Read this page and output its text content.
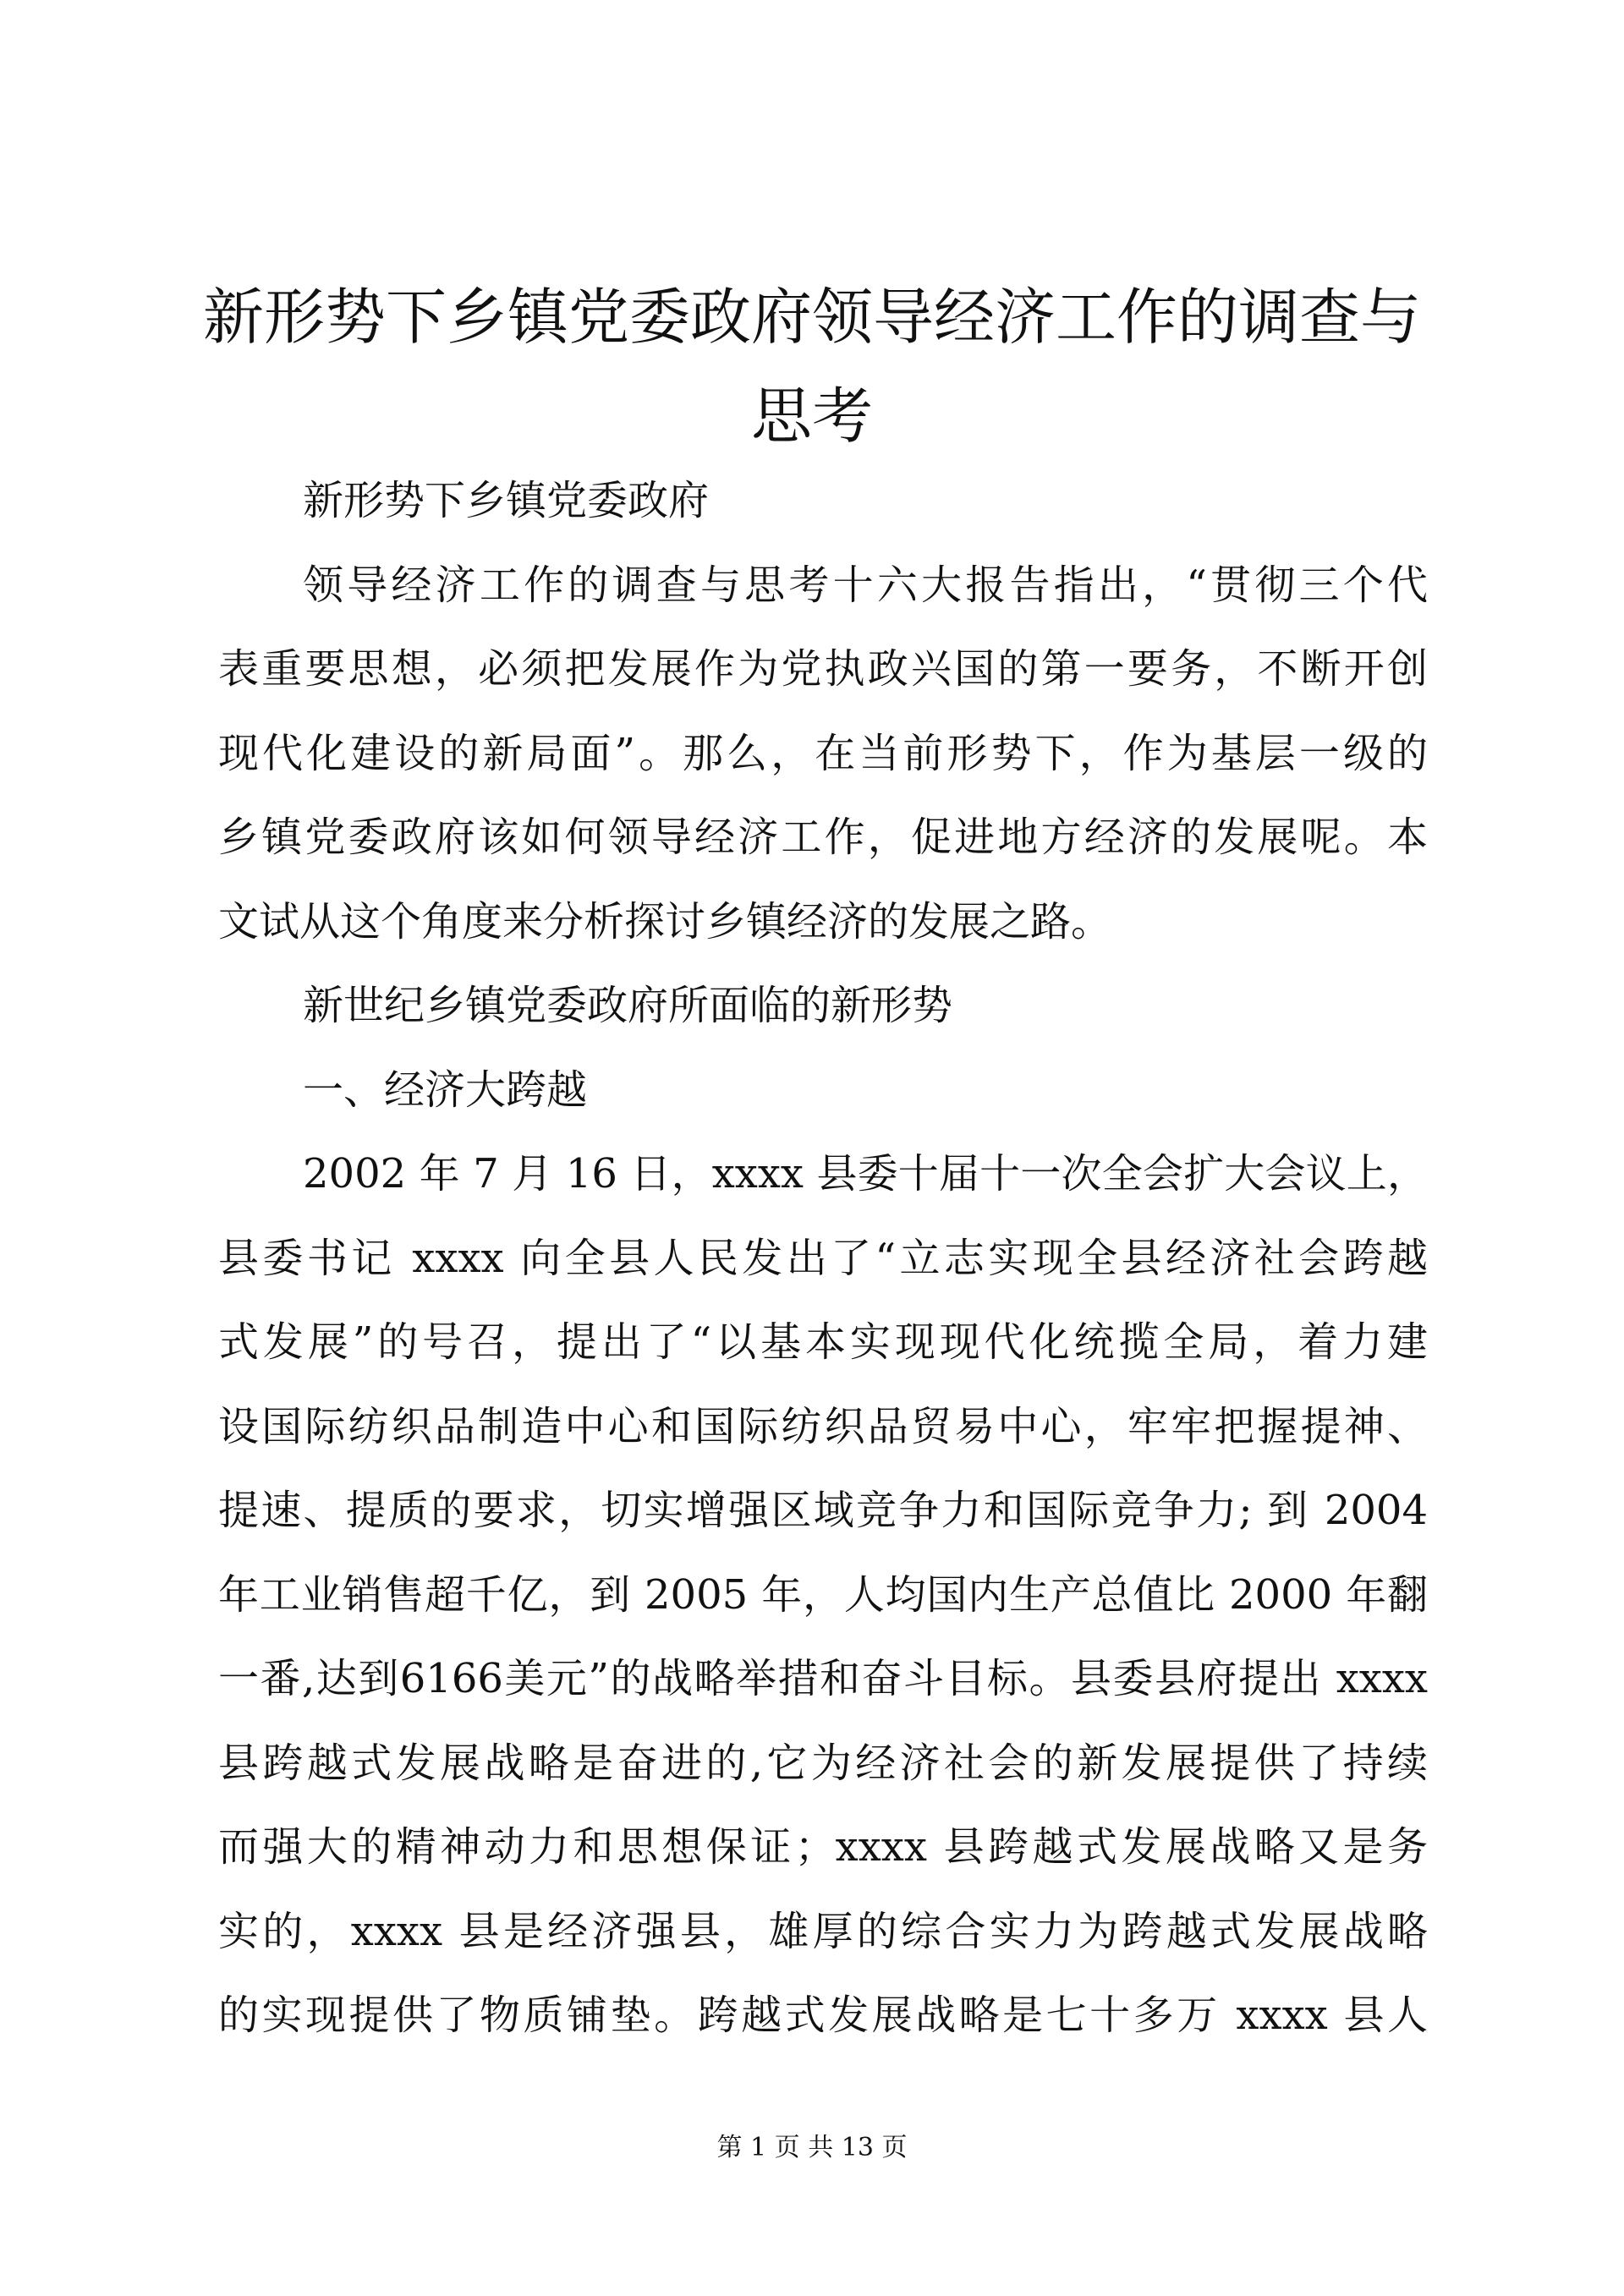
新形势下乡镇党委政府领导经济工作的调查与
思考
新形势下乡镇党委政府
领导经济工作的调查与思考十六大报告指出，“贯彻三个代
表重要思想，必须把发展作为党执政兴国的第一要务，不断开创
现代化建设的新局面”。那么，在当前形势下，作为基层一级的
乡镇党委政府该如何领导经济工作，促进地方经济的发展呢。本
文试从这个角度来分析探讨乡镇经济的发展之路。
新世纪乡镇党委政府所面临的新形势
一、经济大跨越
2002 年 7 月 16 日，xxxx 县委十届十一次全会扩大会议上，
县委书记 xxxx 向全县人民发出了“立志实现全县经济社会跨越
式发展”的号召，提出了“以基本实现现代化统揽全局，着力建
设国际纺织品制造中心和国际纺织品贸易中心，牢牢把握提神、
提速、提质的要求，切实增强区域竞争力和国际竞争力; 到 2004
年工业销售超千亿，到 2005 年，人均国内生产总值比 2000 年翻
一番,达到6166美元”的战略举措和奋斗目标。县委县府提出 xxxx
县跨越式发展战略是奋进的,它为经济社会的新发展提供了持续
而强大的精神动力和思想保证；xxxx 县跨越式发展战略又是务
实的，xxxx 县是经济强县，雄厚的综合实力为跨越式发展战略
的实现提供了物质铺垫。跨越式发展战略是七十多万 xxxx 县人
第 1 页 共 13 页
